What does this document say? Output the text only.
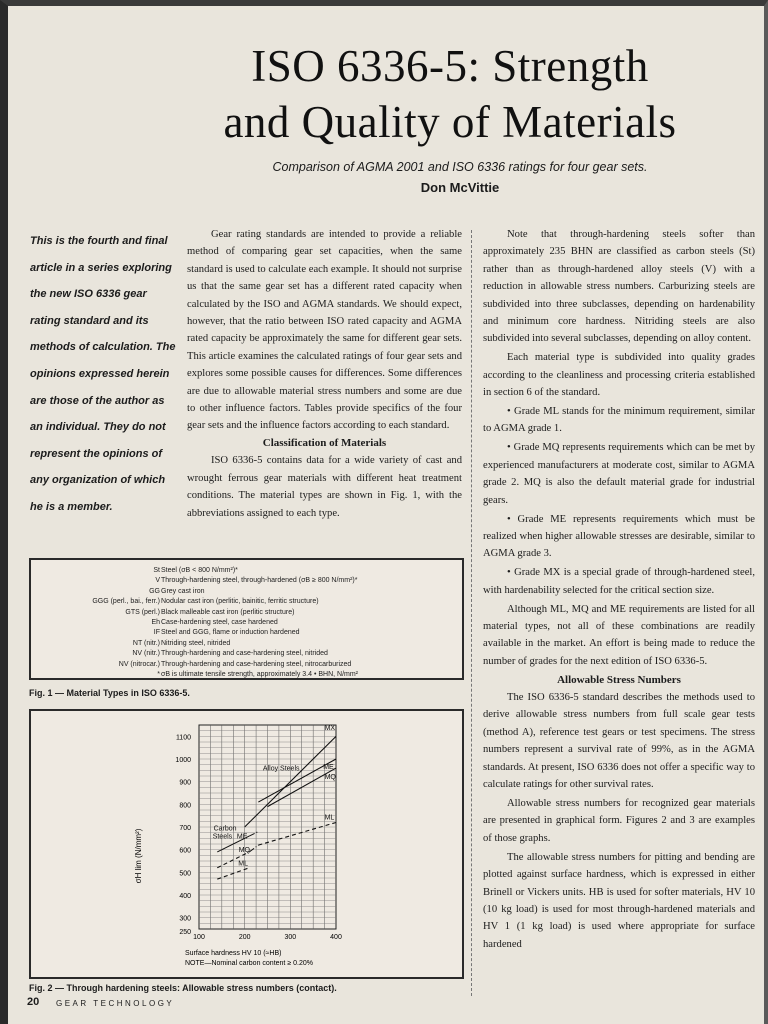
ISO 6336-5: Strength
and Quality of Materials
Comparison of AGMA 2001 and ISO 6336 ratings for four gear sets.
Don McVittie
This is the fourth and final article in a series exploring the new ISO 6336 gear rating standard and its methods of calculation. The opinions expressed herein are those of the author as an individual. They do not represent the opinions of any organization of which he is a member.

Gear rating standards are intended to provide a reliable method of comparing gear set capacities, when the same standard is used to calculate each example. It should not surprise us that the same gear set has a different rated capacity when calculated by the ISO and AGMA standards. We should expect, however, that the ratio between ISO rated capacity and AGMA rated capacity be approximately the same for different gear sets. This article examines the calculated ratings of four gear sets and explores some possible causes for differences. Some differences are due to allowable material stress numbers and some are due to other influence factors. Tables provide specifics of the four gear sets and the influence factors according to each standard.

Classification of Materials

ISO 6336-5 contains data for a wide variety of cast and wrought ferrous gear materials with different heat treatment conditions. The material types are shown in Fig. 1, with the abbreviations assigned to each type.

Note that through-hardening steels softer than approximately 235 BHN are classified as carbon steels (St) rather than as through-hardened alloy steels (V) with a reduction in allowable stress numbers. Carburizing steels are subdivided into three subclasses, depending on hardenability and minimum core hardness. Nitriding steels are also subdivided into several subclasses, depending on alloy content.

Each material type is subdivided into quality grades according to the cleanliness and processing criteria established in section 6 of the standard.

• Grade ML stands for the minimum requirement, similar to AGMA grade 1.

• Grade MQ represents requirements which can be met by experienced manufacturers at moderate cost, similar to AGMA grade 2. MQ is also the default material grade for industrial gears.

• Grade ME represents requirements which must be realized when higher allowable stresses are desirable, similar to AGMA grade 3.

• Grade MX is a special grade of through-hardened steel, with hardenability selected for the critical section size.

Although ML, MQ and ME requirements are listed for all material types, not all of these combinations are readily available in the market. An effort is being made to reduce the number of grades for the next edition of ISO 6336-5.

Allowable Stress Numbers

The ISO 6336-5 standard describes the methods used to derive allowable stress numbers from full scale gear tests (method A), reference test gears or test specimens. The stress numbers represent a survival rate of 99%, as in the AGMA standards. At present, ISO 6336 does not offer a specific way to calculate ratings for other survival rates.

Allowable stress numbers for recognized gear materials are presented in graphical form. Figures 2 and 3 are examples of those graphs.

The allowable stress numbers for pitting and bending are plotted against surface hardness, which is expressed in either Brinell or Vickers units. HB is used for softer materials, HV 10 (10 kg load) is used for most through-hardened materials and HV 1 (1 kg load) is used where appropriate for surface hardened

St Steel (σB < 800 N/mm²)*
V Through-hardening steel, through-hardened (σB ≥ 800 N/mm²)*
GG Grey cast iron
GGG (perl., bai., ferr.) Nodular cast iron (perlitic, bainitic, ferritic structure)
GTS (perl.) Black malleable cast iron (perlitic structure)
Eh Case-hardening steel, case hardened
IF Steel and GGG, flame or induction hardened
NT (nitr.) Nitriding steel, nitrided
NV (nitr.) Through-hardening and case-hardening steel, nitrided
NV (nitrocar.) Through-hardening and case-hardening steel, nitrocarburized
* σB is ultimate tensile strength, approximately 3.4 • BHN, N/mm²
Fig. 1 — Material Types in ISO 6336-5.
1100
1000
900
800
700
600
500
400
300
250
100	200	300	400
MX
Alloy Steels	ME
MQ
ML
Carbon
Steels ME
MQ
ML
σH lim (N/mm²)
Surface hardness HV 10 (≈HB)
NOTE—Nominal carbon content ≥ 0.20%
Fig. 2 — Through hardening steels: Allowable stress numbers (contact).
20 GEAR TECHNOLOGY
